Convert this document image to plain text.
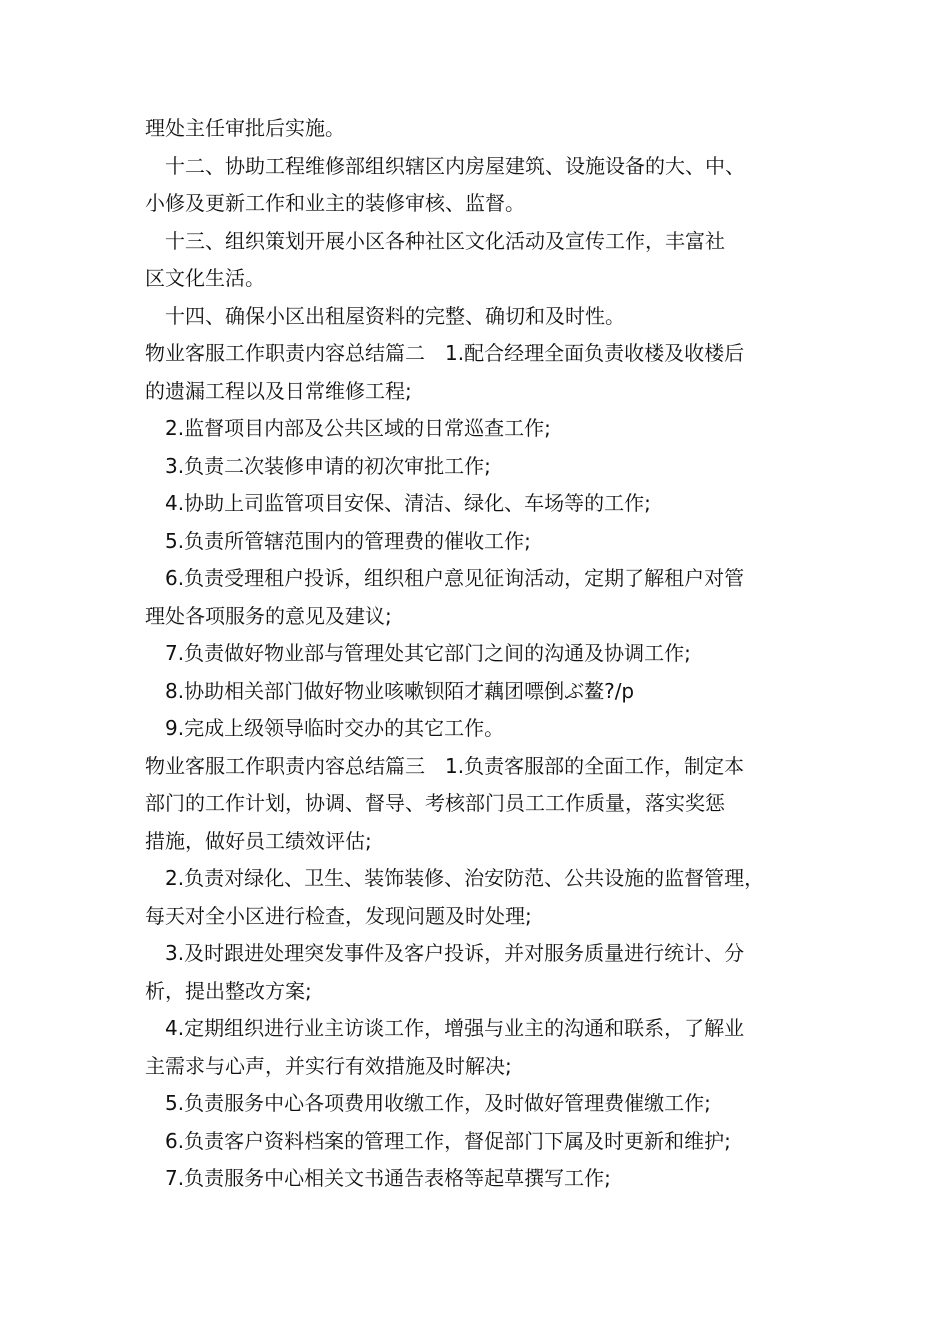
理处主任审批后实施。
十二、协助工程维修部组织辖区内房屋建筑、设施设备的大、中、
小修及更新工作和业主的装修审核、监督。
十三、组织策划开展小区各种社区文化活动及宣传工作，丰富社
区文化生活。
十四、确保小区出租屋资料的完整、确切和及时性。
物业客服工作职责内容总结篇二　1.配合经理全面负责收楼及收楼后
的遗漏工程以及日常维修工程;
2.监督项目内部及公共区域的日常巡查工作;
3.负责二次装修申请的初次审批工作;
4.协助上司监管项目安保、清洁、绿化、车场等的工作;
5.负责所管辖范围内的管理费的催收工作;
6.负责受理租户投诉，组织租户意见征询活动，定期了解租户对管
理处各项服务的意见及建议;
7.负责做好物业部与管理处其它部门之间的沟通及协调工作;
8.协助相关部门做好物业咳嗽钡陌才藕团嘌倒ぶ鳌?/p
9.完成上级领导临时交办的其它工作。
物业客服工作职责内容总结篇三　1.负责客服部的全面工作，制定本
部门的工作计划，协调、督导、考核部门员工工作质量，落实奖惩
措施，做好员工绩效评估;
2.负责对绿化、卫生、装饰装修、治安防范、公共设施的监督管理，
每天对全小区进行检查，发现问题及时处理;
3.及时跟进处理突发事件及客户投诉，并对服务质量进行统计、分
析，提出整改方案;
4.定期组织进行业主访谈工作，增强与业主的沟通和联系，了解业
主需求与心声，并实行有效措施及时解决;
5.负责服务中心各项费用收缴工作，及时做好管理费催缴工作;
6.负责客户资料档案的管理工作，督促部门下属及时更新和维护;
7.负责服务中心相关文书通告表格等起草撰写工作;
